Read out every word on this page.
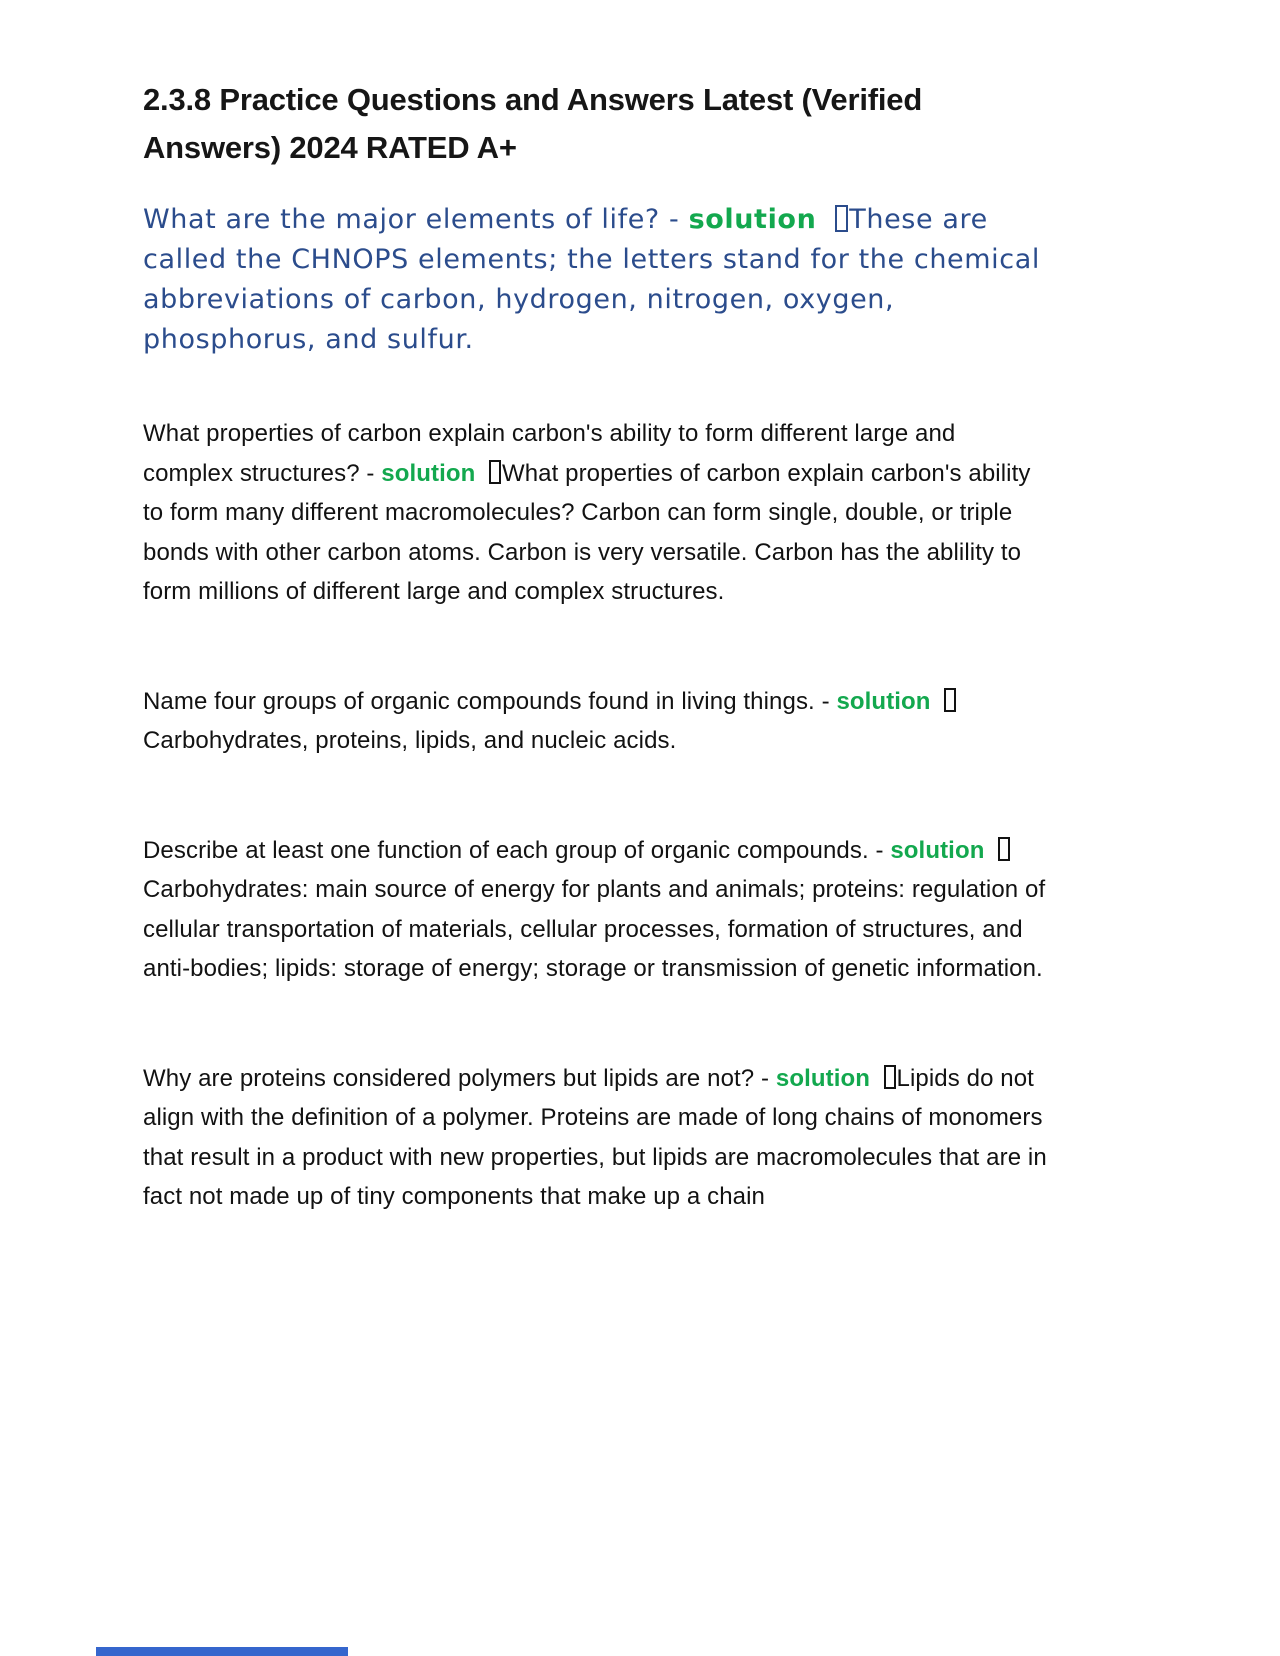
2.3.8 Practice Questions and Answers Latest (Verified Answers) 2024 RATED A+

What are the major elements of life? - solution These are called the CHNOPS elements; the letters stand for the chemical abbreviations of carbon, hydrogen, nitrogen, oxygen, phosphorus, and sulfur.

What properties of carbon explain carbon's ability to form different large and complex structures? - solution What properties of carbon explain carbon's ability to form many different macromolecules? Carbon can form single, double, or triple bonds with other carbon atoms. Carbon is very versatile. Carbon has the ablility to form millions of different large and complex structures.

Name four groups of organic compounds found in living things. - solution  Carbohydrates, proteins, lipids, and nucleic acids.

Describe at least one function of each group of organic compounds. - solution  Carbohydrates: main source of energy for plants and animals; proteins: regulation of cellular transportation of materials, cellular processes, formation of structures, and anti-bodies; lipids: storage of energy; storage or transmission of genetic information.

Why are proteins considered polymers but lipids are not? - solution Lipids do not align with the definition of a polymer. Proteins are made of long chains of monomers that result in a product with new properties, but lipids are macromolecules that are in fact not made up of tiny components that make up a chain
